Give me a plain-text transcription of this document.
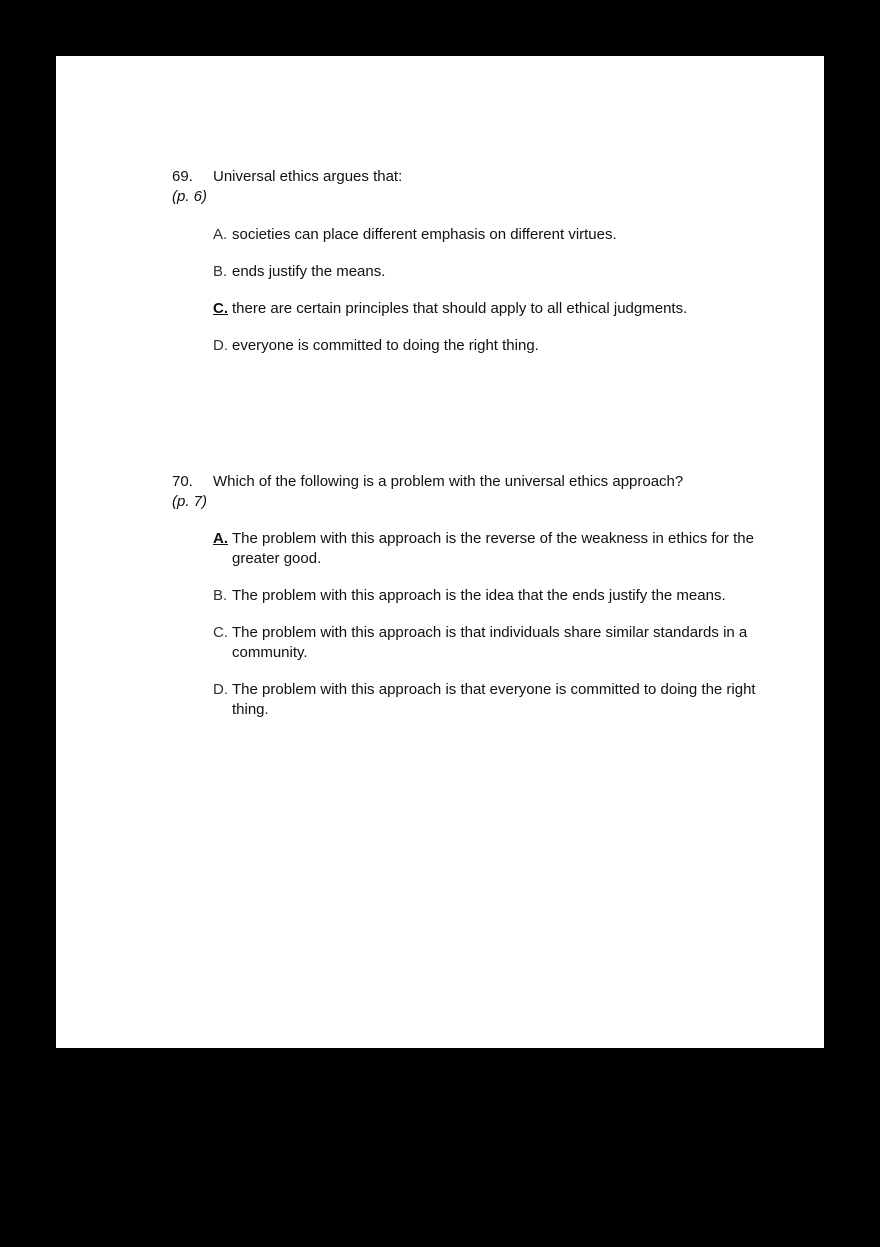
69.	Universal ethics argues that:
(p. 6)
A. societies can place different emphasis on different virtues.
B. ends justify the means.
C. there are certain principles that should apply to all ethical judgments.
D. everyone is committed to doing the right thing.
70.	Which of the following is a problem with the universal ethics approach?
(p. 7)
A. The problem with this approach is the reverse of the weakness in ethics for the greater good.
B. The problem with this approach is the idea that the ends justify the means.
C. The problem with this approach is that individuals share similar standards in a community.
D. The problem with this approach is that everyone is committed to doing the right thing.
